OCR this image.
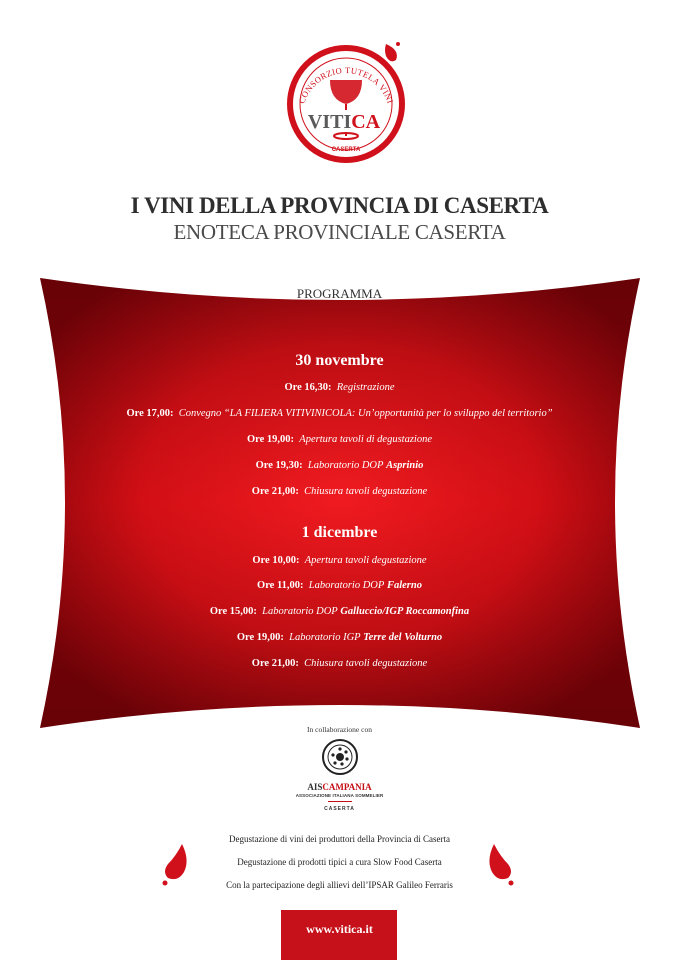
CONSORZIO TUTELA VINI
VITICA
CASERTA
I VINI DELLA PROVINCIA DI CASERTA
ENOTECA PROVINCIALE CASERTA
PROGRAMMA
30 novembre
Ore 16,30: Registrazione
Ore 17,00: Convegno “LA FILIERA VITIVINICOLA: Un’opportunità per lo sviluppo del territorio”
Ore 19,00: Apertura tavoli di degustazione
Ore 19,30: Laboratorio DOP Asprinio
Ore 21,00: Chiusura tavoli degustazione
1 dicembre
Ore 10,00: Apertura tavoli degustazione
Ore 11,00: Laboratorio DOP Falerno
Ore 15,00: Laboratorio DOP Galluccio/IGP Roccamonfina
Ore 19,00: Laboratorio IGP Terre del Volturno
Ore 21,00: Chiusura tavoli degustazione
In collaborazione con
AISCAMPANIA
ASSOCIAZIONE ITALIANA SOMMELIER
CASERTA
Degustazione di vini dei produttori della Provincia di Caserta
Degustazione di prodotti tipici a cura Slow Food Caserta
Con la partecipazione degli allievi dell’IPSAR Galileo Ferraris
www.vitica.it
